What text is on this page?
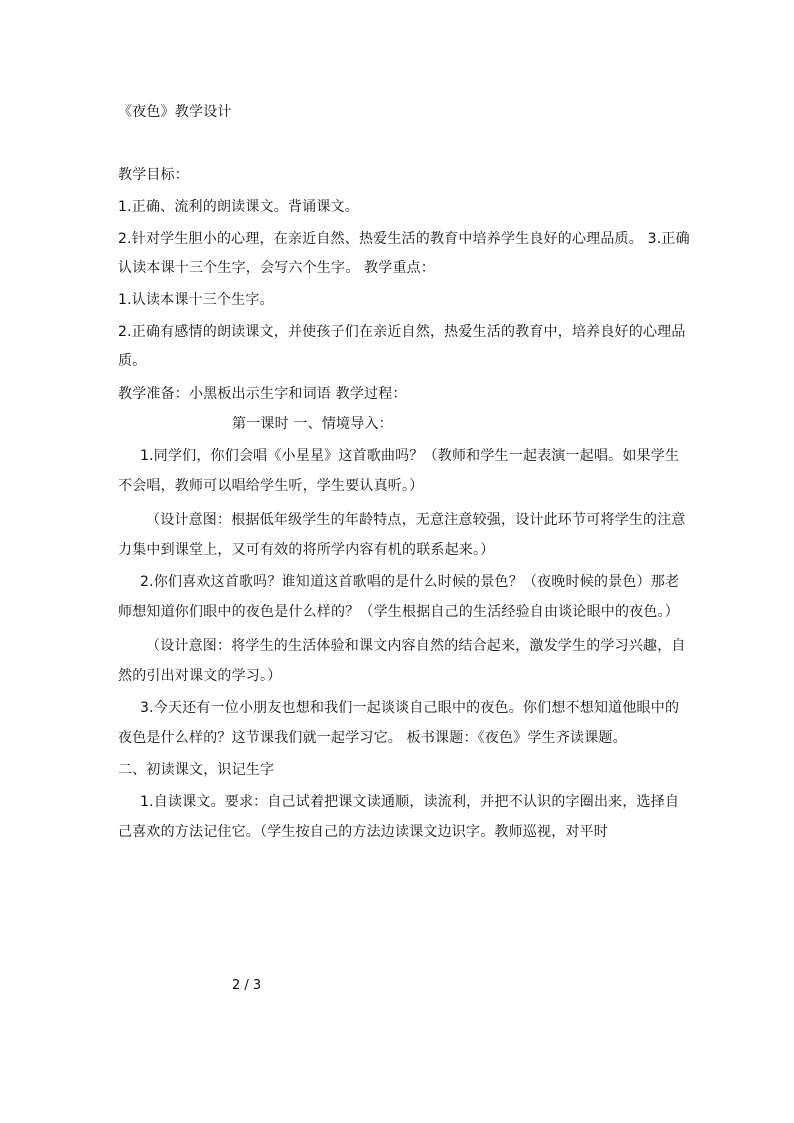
《夜色》教学设计
教学目标：
1.正确、流利的朗读课文。背诵课文。
2.针对学生胆小的心理，在亲近自然、热爱生活的教育中培养学生良好的心理品质。 3.正确
认读本课十三个生字，会写六个生字。 教学重点：
1.认读本课十三个生字。
2.正确有感情的朗读课文，并使孩子们在亲近自然，热爱生活的教育中，培养良好的心理品
质。
教学准备：小黑板出示生字和词语 教学过程：
第一课时 一、情境导入：
1.同学们，你们会唱《小星星》这首歌曲吗？（教师和学生一起表演一起唱。如果学生
不会唱，教师可以唱给学生听，学生要认真听。）
（设计意图：根据低年级学生的年龄特点，无意注意较强，设计此环节可将学生的注意
力集中到课堂上，又可有效的将所学内容有机的联系起来。）
2.你们喜欢这首歌吗？谁知道这首歌唱的是什么时候的景色？（夜晚时候的景色）那老
师想知道你们眼中的夜色是什么样的？（学生根据自己的生活经验自由谈论眼中的夜色。）
（设计意图：将学生的生活体验和课文内容自然的结合起来，激发学生的学习兴趣，自
然的引出对课文的学习。）
3.今天还有一位小朋友也想和我们一起谈谈自己眼中的夜色。你们想不想知道他眼中的
夜色是什么样的？这节课我们就一起学习它。 板书课题：《夜色》学生齐读课题。
二、初读课文，识记生字
1.自读课文。要求：自己试着把课文读通顺，读流利，并把不认识的字圈出来，选择自
己喜欢的方法记住它。（学生按自己的方法边读课文边识字。教师巡视，对平时
2 / 3
